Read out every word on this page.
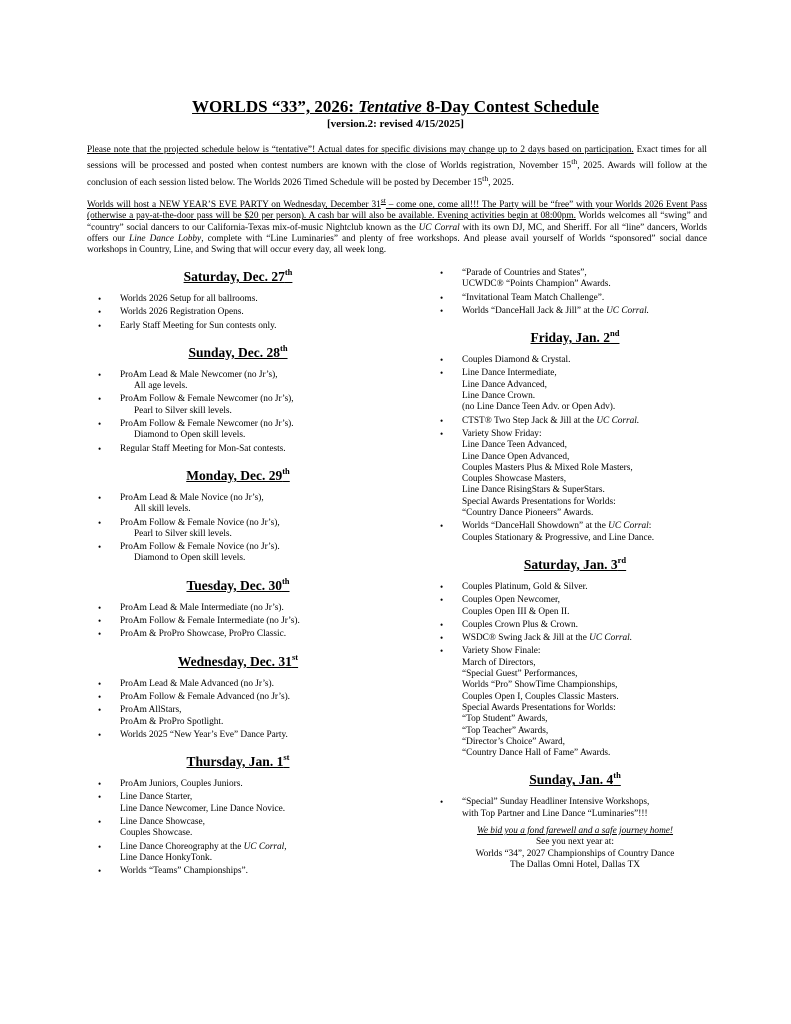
WORLDS “33”, 2026: Tentative 8-Day Contest Schedule
[version.2: revised 4/15/2025]
Please note that the projected schedule below is “tentative”! Actual dates for specific divisions may change up to 2 days based on participation. Exact times for all sessions will be processed and posted when contest numbers are known with the close of Worlds registration, November 15th, 2025. Awards will follow at the conclusion of each session listed below. The Worlds 2026 Timed Schedule will be posted by December 15th, 2025.
Worlds will host a NEW YEAR’S EVE PARTY on Wednesday, December 31st – come one, come all!!! The Party will be “free” with your Worlds 2026 Event Pass (otherwise a pay-at-the-door pass will be $20 per person). A cash bar will also be available. Evening activities begin at 08:00pm. Worlds welcomes all “swing” and “country” social dancers to our California-Texas mix-of-music Nightclub known as the UC Corral with its own DJ, MC, and Sheriff. For all “line” dancers, Worlds offers our Line Dance Lobby, complete with “Line Luminaries” and plenty of free workshops. And please avail yourself of Worlds “sponsored” social dance workshops in Country, Line, and Swing that will occur every day, all week long.
Saturday, Dec. 27th
• Worlds 2026 Setup for all ballrooms.
• Worlds 2026 Registration Opens.
• Early Staff Meeting for Sun contests only.
Sunday, Dec. 28th
• ProAm Lead & Male Newcomer (no Jr’s),
All age levels.
• ProAm Follow & Female Newcomer (no Jr’s),
Pearl to Silver skill levels.
• ProAm Follow & Female Newcomer (no Jr’s).
Diamond to Open skill levels.
• Regular Staff Meeting for Mon-Sat contests.
Monday, Dec. 29th
• ProAm Lead & Male Novice (no Jr’s),
All skill levels.
• ProAm Follow & Female Novice (no Jr’s),
Pearl to Silver skill levels.
• ProAm Follow & Female Novice (no Jr’s).
Diamond to Open skill levels.
Tuesday, Dec. 30th
• ProAm Lead & Male Intermediate (no Jr’s).
• ProAm Follow & Female Intermediate (no Jr’s).
• ProAm & ProPro Showcase, ProPro Classic.
Wednesday, Dec. 31st
• ProAm Lead & Male Advanced (no Jr’s).
• ProAm Follow & Female Advanced (no Jr’s).
• ProAm AllStars,
ProAm & ProPro Spotlight.
• Worlds 2025 “New Year’s Eve” Dance Party.
Thursday, Jan. 1st
• ProAm Juniors, Couples Juniors.
• Line Dance Starter,
Line Dance Newcomer, Line Dance Novice.
• Line Dance Showcase,
Couples Showcase.
• Line Dance Choreography at the UC Corral,
Line Dance HonkyTonk.
• Worlds “Teams” Championships”.
• “Parade of Countries and States”,
UCWDC® “Points Champion” Awards.
• “Invitational Team Match Challenge”.
• Worlds “DanceHall Jack & Jill” at the UC Corral.
Friday, Jan. 2nd
• Couples Diamond & Crystal.
• Line Dance Intermediate,
Line Dance Advanced,
Line Dance Crown.
(no Line Dance Teen Adv. or Open Adv).
• CTST® Two Step Jack & Jill at the UC Corral.
• Variety Show Friday:
Line Dance Teen Advanced,
Line Dance Open Advanced,
Couples Masters Plus & Mixed Role Masters,
Couples Showcase Masters,
Line Dance RisingStars & SuperStars.
Special Awards Presentations for Worlds:
“Country Dance Pioneers” Awards.
• Worlds “DanceHall Showdown” at the UC Corral:
Couples Stationary & Progressive, and Line Dance.
Saturday, Jan. 3rd
• Couples Platinum, Gold & Silver.
• Couples Open Newcomer,
Couples Open III & Open II.
• Couples Crown Plus & Crown.
• WSDC® Swing Jack & Jill at the UC Corral.
• Variety Show Finale:
March of Directors,
“Special Guest” Performances,
Worlds “Pro” ShowTime Championships,
Couples Open I, Couples Classic Masters.
Special Awards Presentations for Worlds:
“Top Student” Awards,
“Top Teacher” Awards,
“Director’s Choice” Award,
“Country Dance Hall of Fame” Awards.
Sunday, Jan. 4th
• “Special” Sunday Headliner Intensive Workshops,
with Top Partner and Line Dance “Luminaries”!!!
We bid you a fond farewell and a safe journey home!
See you next year at:
Worlds “34”, 2027 Championships of Country Dance
The Dallas Omni Hotel, Dallas TX
